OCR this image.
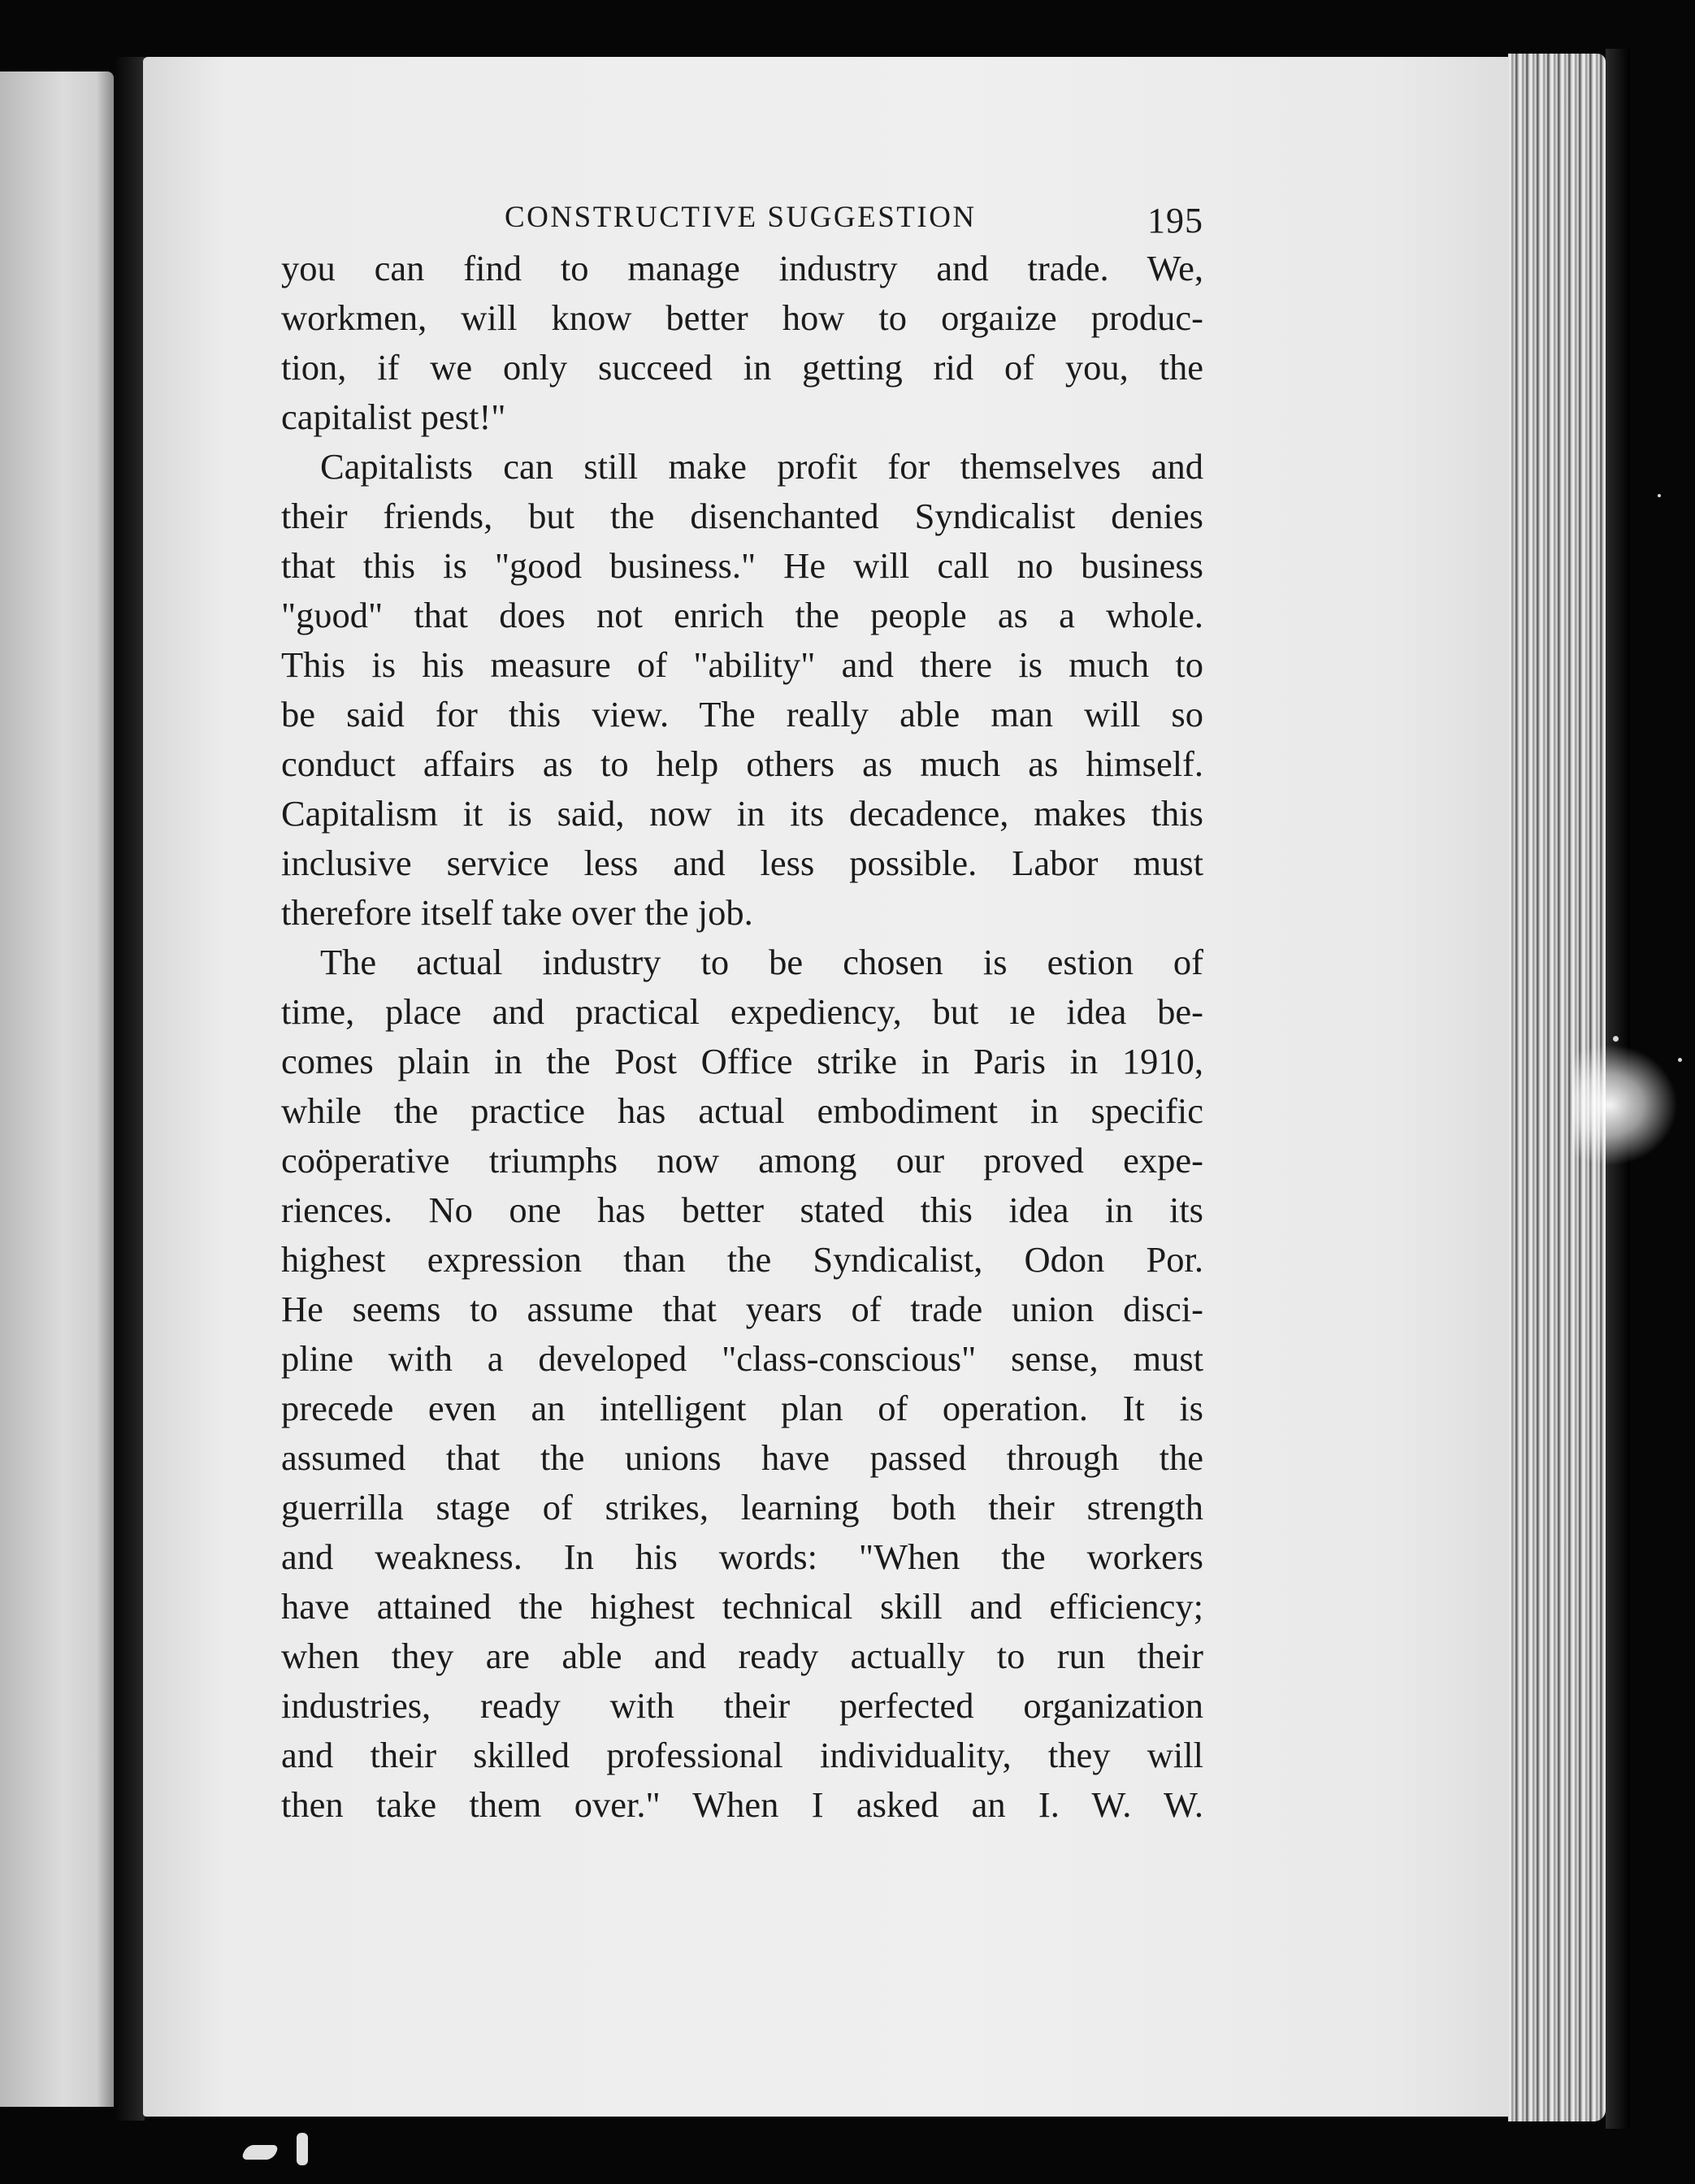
CONSTRUCTIVE SUGGESTION	195
you can find to manage industry and trade. We,
workmen, will know better how to orgaıize produc-
tion, if we only succeed in getting rid of you, the
capitalist pest!"
Capitalists can still make profit for themselves and
their friends, but the disenchanted Syndicalist denies
that this is "good business." He will call no business
"gυod" that does not enrich the people as a whole.
This is his measure of "ability" and there is much to
be said for this view. The really able man will so
conduct affairs as to help others as much as himself.
Capitalism it is said, now in its decadence, makes this
inclusive service less and less possible. Labor must
therefore itself take over the job.
The actual industry to be chosen is estion of
time, place and practical expediency, but ıe idea be-
comes plain in the Post Office strike in Paris in 1910,
while the practice has actual embodiment in specific
coöperative triumphs now among our proved expe-
riences. No one has better stated this idea in its
highest expression than the Syndicalist, Odon Por.
He seems to assume that years of trade union disci-
pline with a developed "class-conscious" sense, must
precede even an intelligent plan of operation. It is
assumed that the unions have passed through the
guerrilla stage of strikes, learning both their strength
and weakness. In his words: "When the workers
have attained the highest technical skill and efficiency;
when they are able and ready actually to run their
industries, ready with their perfected organization
and their skilled professional individuality, they will
then take them over." When I asked an I. W. W.
